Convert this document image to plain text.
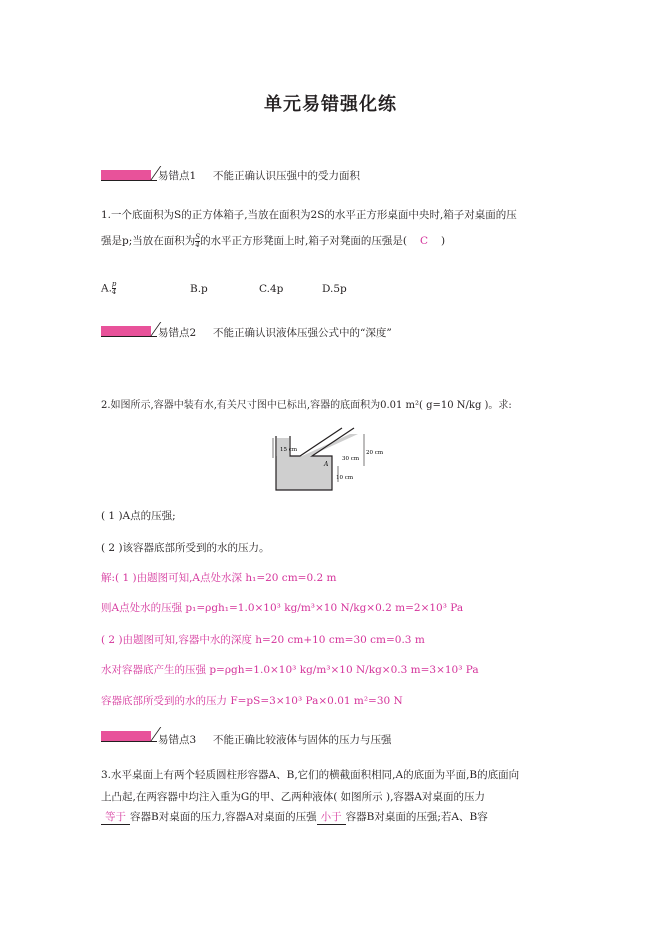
单元易错强化练
易错点1 不能正确认识压强中的受力面积
1.一个底面积为S的正方体箱子,当放在面积为2S的水平正方形桌面中央时,箱子对桌面的压
强是p;当放在面积为 $\frac{S}{4}$ 的水平正方形凳面上时,箱子对凳面的压强是( C )
A. $\frac{p}{4}$	B.p	C.4p	D.5p
易错点2 不能正确认识液体压强公式中的“深度”
2.如图所示,容器中装有水,有关尺寸图中已标出,容器的底面积为0.01 m²( g=10 N/kg )。求:
15 cm	20 cm
30 cm
10 cm
A
( 1 )A点的压强;
( 2 )该容器底部所受到的水的压力。
解:( 1 )由题图可知,A点处水深 h₁=20 cm=0.2 m
则A点处水的压强 p₁=ρgh₁=1.0×10³ kg/m³×10 N/kg×0.2 m=2×10³ Pa
( 2 )由题图可知,容器中水的深度 h=20 cm+10 cm=30 cm=0.3 m
水对容器底产生的压强 p=ρgh=1.0×10³ kg/m³×10 N/kg×0.3 m=3×10³ Pa
容器底部所受到的水的压力 F=pS=3×10³ Pa×0.01 m²=30 N
易错点3 不能正确比较液体与固体的压力与压强
3.水平桌面上有两个轻质圆柱形容器A、B,它们的横截面积相同,A的底面为平面,B的底面向
上凸起,在两容器中均注入重为G的甲、乙两种液体( 如图所示 ),容器A对桌面的压力
等于 容器B对桌面的压力,容器A对桌面的压强 小于 容器B对桌面的压强;若A、B容
